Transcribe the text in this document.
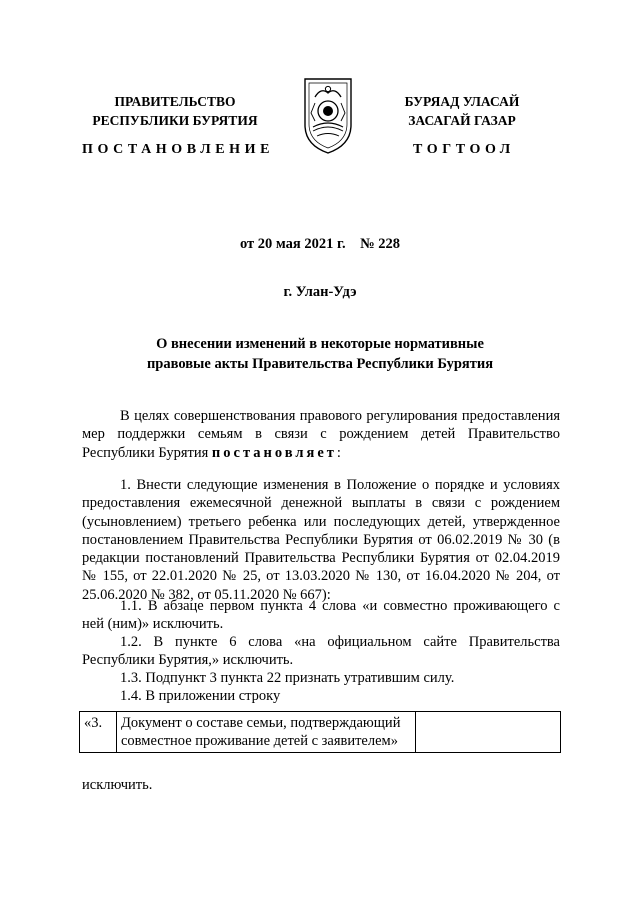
ПРАВИТЕЛЬСТВО
РЕСПУБЛИКИ БУРЯТИЯ
БУРЯАД УЛАСАЙ
ЗАСАГАЙ ГАЗАР
ПОСТАНОВЛЕНИЕ	ТОГТООЛ
от 20 мая 2021 г. № 228
г. Улан-Удэ
О внесении изменений в некоторые нормативные
правовые акты Правительства Республики Бурятия
В целях совершенствования правового регулирования предоставления мер поддержки семьям в связи с рождением детей Правительство Республики Бурятия постановляет:
1. Внести следующие изменения в Положение о порядке и условиях предоставления ежемесячной денежной выплаты в связи с рождением (усыновлением) третьего ребенка или последующих детей, утвержденное постановлением Правительства Республики Бурятия от 06.02.2019 № 30 (в редакции постановлений Правительства Республики Бурятия от 02.04.2019 № 155, от 22.01.2020 № 25, от 13.03.2020 № 130, от 16.04.2020 № 204, от 25.06.2020 № 382, от 05.11.2020 № 667):
1.1. В абзаце первом пункта 4 слова «и совместно проживающего с ней (ним)» исключить.
1.2. В пункте 6 слова «на официальном сайте Правительства Республики Бурятия,» исключить.
1.3. Подпункт 3 пункта 22 признать утратившим силу.
1.4. В приложении строку
«3.	Документ о составе семьи, подтверждающий совместное проживание детей с заявителем»	
исключить.
